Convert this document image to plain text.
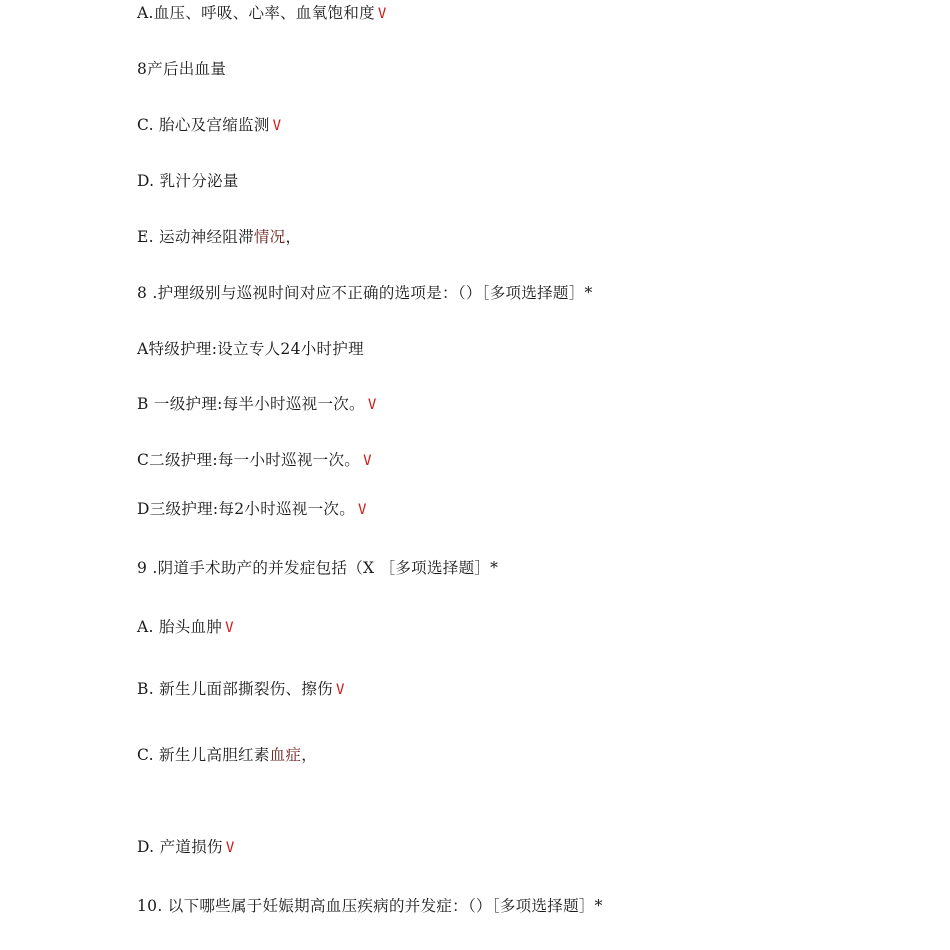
A.血压、呼吸、心率、血氧饱和度 V
8产后出血量
C. 胎心及宫缩监测 V
D. 乳汁分泌量
E. 运动神经阻滞情况，
8 .护理级别与巡视时间对应不正确的选项是：（）［多项选择题］*
A特级护理:设立专人24小时护理
B 一级护理:每半小时巡视一次。 V
C二级护理:每一小时巡视一次。 V
D三级护理:每2小时巡视一次。 V
9 .阴道手术助产的并发症包括（X ［多项选择题］*
A. 胎头血肿 V
B. 新生儿面部撕裂伤、擦伤 V
C. 新生儿高胆红素血症，
D. 产道损伤 V
10. 以下哪些属于妊娠期高血压疾病的并发症：（）［多项选择题］*
